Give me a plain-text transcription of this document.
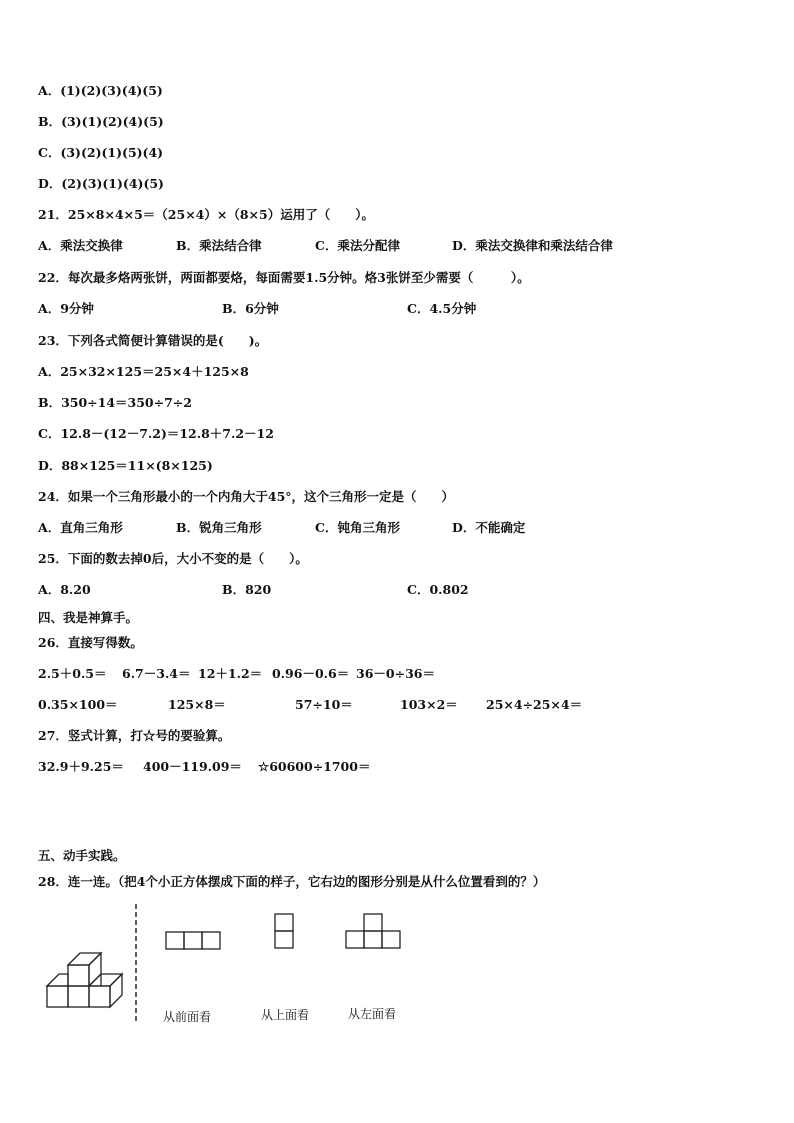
A．(1)(2)(3)(4)(5)
B．(3)(1)(2)(4)(5)
C．(3)(2)(1)(5)(4)
D．(2)(3)(1)(4)(5)
21．25×8×4×5＝（25×4）×（8×5）运用了（　　）。
A．乘法交换律	B．乘法结合律	C．乘法分配律	D．乘法交换律和乘法结合律
22．每次最多烙两张饼，两面都要烙，每面需要1.5分钟。烙3张饼至少需要（　　　）。
A．9分钟	B．6分钟	C．4.5分钟
23．下列各式简便计算错误的是(　　)。
A．25×32×125＝25×4＋125×8
B．350÷14＝350÷7÷2
C．12.8－(12－7.2)＝12.8＋7.2－12
D．88×125＝11×(8×125)
24．如果一个三角形最小的一个内角大于45°，这个三角形一定是（　　）
A．直角三角形	B．锐角三角形	C．钝角三角形	D．不能确定
25．下面的数去掉0后，大小不变的是（　　）。
A．8.20	B．820	C．0.802
四、我是神算手。
26．直接写得数。
2.5＋0.5＝ 6.7－3.4＝ 12＋1.2＝ 0.96－0.6＝ 36－0÷36＝
0.35×100＝	125×8＝	57÷10＝	103×2＝ 25×4÷25×4＝
27．竖式计算，打☆号的要验算。
32.9＋9.25＝ 400－119.09＝ ☆60600÷1700＝
五、动手实践。
28．连一连。（把4个小正方体摆成下面的样子，它右边的图形分别是从什么位置看到的？）
从前面看	从上面看	从左面看
